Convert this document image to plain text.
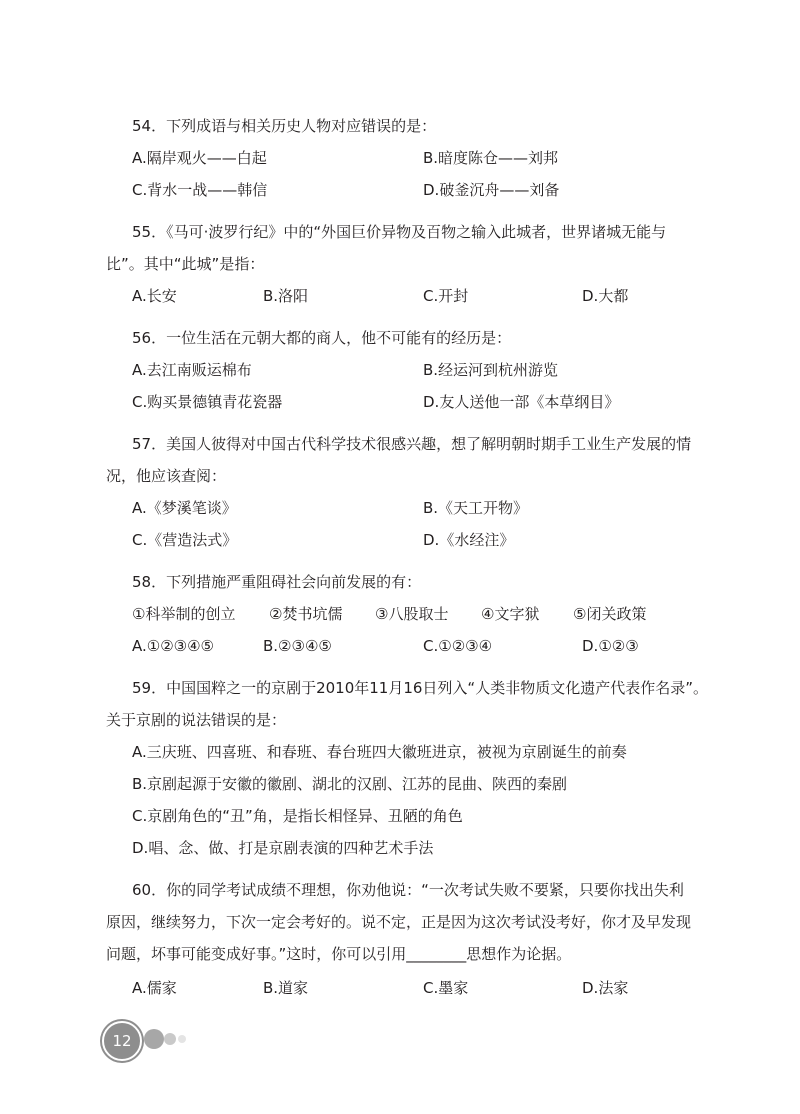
54．下列成语与相关历史人物对应错误的是：
A.隔岸观火——白起	B.暗度陈仓——刘邦
C.背水一战——韩信	D.破釜沉舟——刘备
55．《马可·波罗行纪》中的“外国巨价异物及百物之输入此城者，世界诸城无能与
比”。其中“此城”是指：
A.长安	B.洛阳	C.开封	D.大都
56．一位生活在元朝大都的商人，他不可能有的经历是：
A.去江南贩运棉布	B.经运河到杭州游览
C.购买景德镇青花瓷器	D.友人送他一部《本草纲目》
57．美国人彼得对中国古代科学技术很感兴趣，想了解明朝时期手工业生产发展的情
况，他应该查阅：
A.《梦溪笔谈》	B.《天工开物》
C.《营造法式》	D.《水经注》
58．下列措施严重阻碍社会向前发展的有：
①科举制的创立 ②焚书坑儒 ③八股取士 ④文字狱 ⑤闭关政策
A.①②③④⑤	B.②③④⑤	C.①②③④	D.①②③
59．中国国粹之一的京剧于2010年11月16日列入“人类非物质文化遗产代表作名录”。
关于京剧的说法错误的是：
A.三庆班、四喜班、和春班、春台班四大徽班进京，被视为京剧诞生的前奏
B.京剧起源于安徽的徽剧、湖北的汉剧、江苏的昆曲、陕西的秦剧
C.京剧角色的“丑”角，是指长相怪异、丑陋的角色
D.唱、念、做、打是京剧表演的四种艺术手法
60．你的同学考试成绩不理想，你劝他说：“一次考试失败不要紧，只要你找出失利
原因，继续努力，下次一定会考好的。说不定，正是因为这次考试没考好，你才及早发现
问题，坏事可能变成好事。”这时，你可以引用________思想作为论据。
A.儒家	B.道家	C.墨家	D.法家
12
